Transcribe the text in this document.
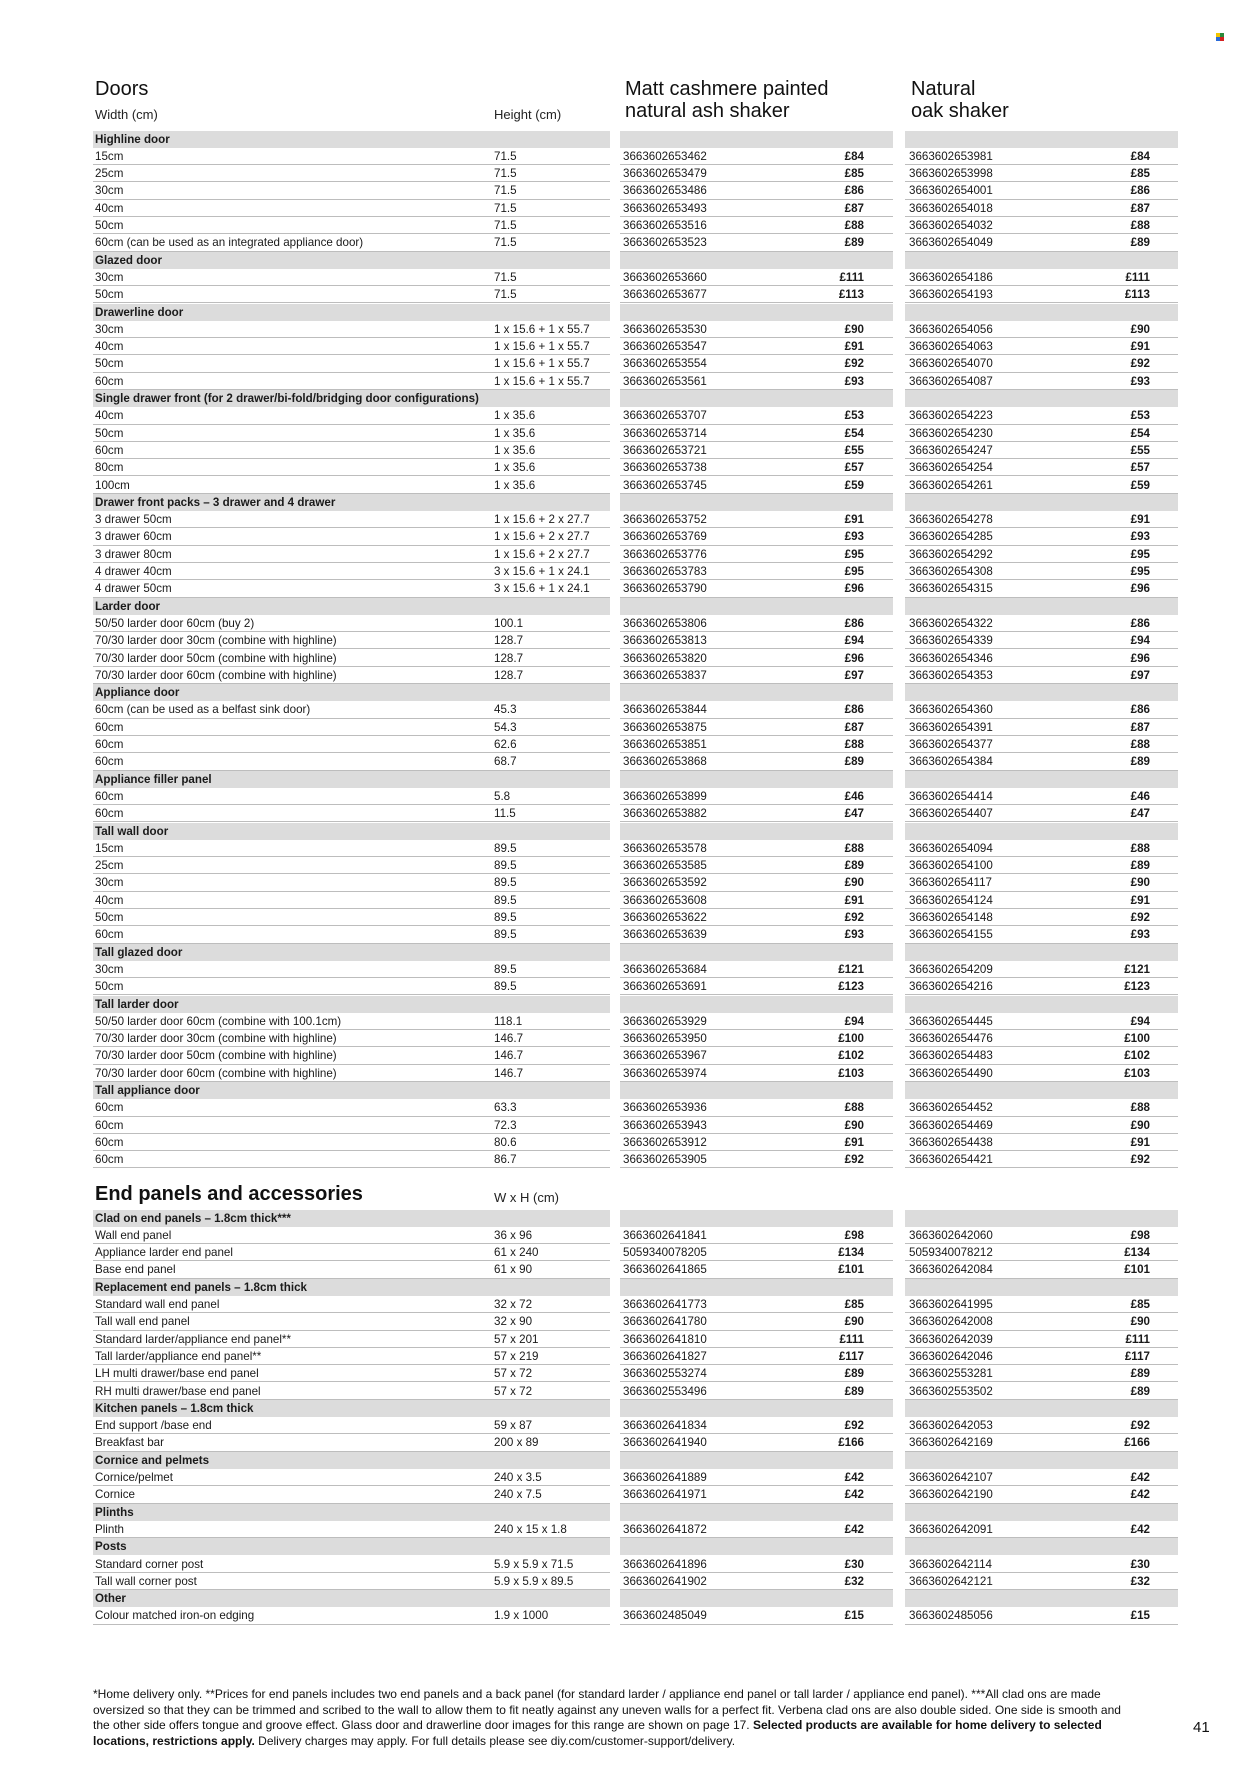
Doors
Width (cm)	Height (cm)
Matt cashmere painted
natural ash shaker
Natural
oak shaker
Highline door
15cm	71.5	3663602653462	£84	3663602653981	£84
25cm	71.5	3663602653479	£85	3663602653998	£85
30cm	71.5	3663602653486	£86	3663602654001	£86
40cm	71.5	3663602653493	£87	3663602654018	£87
50cm	71.5	3663602653516	£88	3663602654032	£88
60cm (can be used as an integrated appliance door)	71.5	3663602653523	£89	3663602654049	£89
Glazed door
30cm	71.5	3663602653660	£111	3663602654186	£111
50cm	71.5	3663602653677	£113	3663602654193	£113
Drawerline door
30cm	1 x 15.6 + 1 x 55.7	3663602653530	£90	3663602654056	£90
40cm	1 x 15.6 + 1 x 55.7	3663602653547	£91	3663602654063	£91
50cm	1 x 15.6 + 1 x 55.7	3663602653554	£92	3663602654070	£92
60cm	1 x 15.6 + 1 x 55.7	3663602653561	£93	3663602654087	£93
Single drawer front (for 2 drawer/bi-fold/bridging door configurations)
40cm	1 x 35.6	3663602653707	£53	3663602654223	£53
50cm	1 x 35.6	3663602653714	£54	3663602654230	£54
60cm	1 x 35.6	3663602653721	£55	3663602654247	£55
80cm	1 x 35.6	3663602653738	£57	3663602654254	£57
100cm	1 x 35.6	3663602653745	£59	3663602654261	£59
Drawer front packs – 3 drawer and 4 drawer
3 drawer 50cm	1 x 15.6 + 2 x 27.7	3663602653752	£91	3663602654278	£91
3 drawer 60cm	1 x 15.6 + 2 x 27.7	3663602653769	£93	3663602654285	£93
3 drawer 80cm	1 x 15.6 + 2 x 27.7	3663602653776	£95	3663602654292	£95
4 drawer 40cm	3 x 15.6 + 1 x 24.1	3663602653783	£95	3663602654308	£95
4 drawer 50cm	3 x 15.6 + 1 x 24.1	3663602653790	£96	3663602654315	£96
Larder door
50/50 larder door 60cm (buy 2)	100.1	3663602653806	£86	3663602654322	£86
70/30 larder door 30cm (combine with highline)	128.7	3663602653813	£94	3663602654339	£94
70/30 larder door 50cm (combine with highline)	128.7	3663602653820	£96	3663602654346	£96
70/30 larder door 60cm (combine with highline)	128.7	3663602653837	£97	3663602654353	£97
Appliance door
60cm (can be used as a belfast sink door)	45.3	3663602653844	£86	3663602654360	£86
60cm	54.3	3663602653875	£87	3663602654391	£87
60cm	62.6	3663602653851	£88	3663602654377	£88
60cm	68.7	3663602653868	£89	3663602654384	£89
Appliance filler panel
60cm	5.8	3663602653899	£46	3663602654414	£46
60cm	11.5	3663602653882	£47	3663602654407	£47
Tall wall door
15cm	89.5	3663602653578	£88	3663602654094	£88
25cm	89.5	3663602653585	£89	3663602654100	£89
30cm	89.5	3663602653592	£90	3663602654117	£90
40cm	89.5	3663602653608	£91	3663602654124	£91
50cm	89.5	3663602653622	£92	3663602654148	£92
60cm	89.5	3663602653639	£93	3663602654155	£93
Tall glazed door
30cm	89.5	3663602653684	£121	3663602654209	£121
50cm	89.5	3663602653691	£123	3663602654216	£123
Tall larder door
50/50 larder door 60cm (combine with 100.1cm)	118.1	3663602653929	£94	3663602654445	£94
70/30 larder door 30cm (combine with highline)	146.7	3663602653950	£100	3663602654476	£100
70/30 larder door 50cm (combine with highline)	146.7	3663602653967	£102	3663602654483	£102
70/30 larder door 60cm (combine with highline)	146.7	3663602653974	£103	3663602654490	£103
Tall appliance door
60cm	63.3	3663602653936	£88	3663602654452	£88
60cm	72.3	3663602653943	£90	3663602654469	£90
60cm	80.6	3663602653912	£91	3663602654438	£91
60cm	86.7	3663602653905	£92	3663602654421	£92
End panels and accessories	W x H (cm)
Clad on end panels – 1.8cm thick***
Wall end panel	36 x 96	3663602641841	£98	3663602642060	£98
Appliance larder end panel	61 x 240	5059340078205	£134	5059340078212	£134
Base end panel	61 x 90	3663602641865	£101	3663602642084	£101
Replacement end panels – 1.8cm thick
Standard wall end panel	32 x 72	3663602641773	£85	3663602641995	£85
Tall wall end panel	32 x 90	3663602641780	£90	3663602642008	£90
Standard larder/appliance end panel**	57 x 201	3663602641810	£111	3663602642039	£111
Tall larder/appliance end panel**	57 x 219	3663602641827	£117	3663602642046	£117
LH multi drawer/base end panel	57 x 72	3663602553274	£89	3663602553281	£89
RH multi drawer/base end panel	57 x 72	3663602553496	£89	3663602553502	£89
Kitchen panels – 1.8cm thick
End support /base end	59 x 87	3663602641834	£92	3663602642053	£92
Breakfast bar	200 x 89	3663602641940	£166	3663602642169	£166
Cornice and pelmets
Cornice/pelmet	240 x 3.5	3663602641889	£42	3663602642107	£42
Cornice	240 x 7.5	3663602641971	£42	3663602642190	£42
Plinths
Plinth	240 x 15 x 1.8	3663602641872	£42	3663602642091	£42
Posts
Standard corner post	5.9 x 5.9 x 71.5	3663602641896	£30	3663602642114	£30
Tall wall corner post	5.9 x 5.9 x 89.5	3663602641902	£32	3663602642121	£32
Other
Colour matched iron-on edging	1.9 x 1000	3663602485049	£15	3663602485056	£15
*Home delivery only. **Prices for end panels includes two end panels and a back panel (for standard larder / appliance end panel or tall larder / appliance end panel). ***All clad ons are made oversized so that they can be trimmed and scribed to the wall to allow them to fit neatly against any uneven walls for a perfect fit. Verbena clad ons are also double sided. One side is smooth and the other side offers tongue and groove effect. Glass door and drawerline door images for this range are shown on page 17. Selected products are available for home delivery to selected locations, restrictions apply. Delivery charges may apply. For full details please see diy.com/customer-support/delivery.
41
